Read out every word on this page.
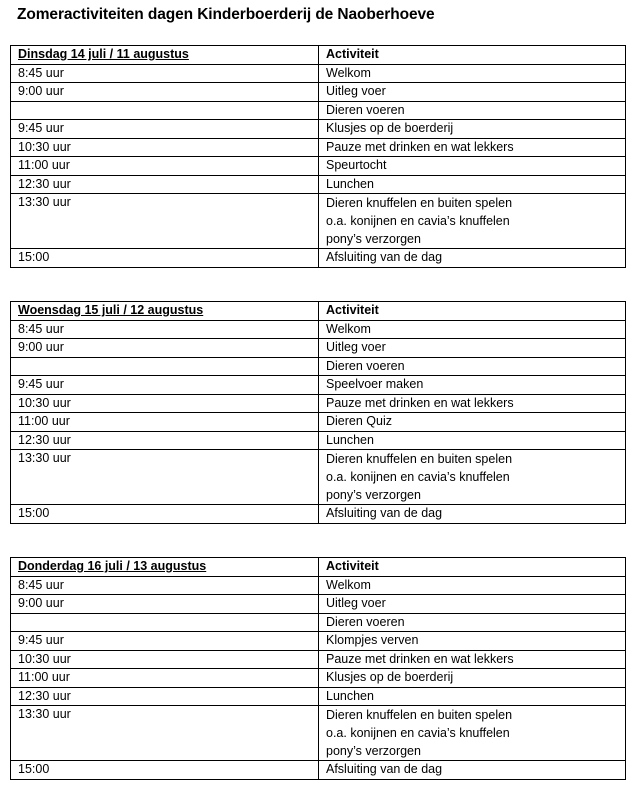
Zomeractiviteiten dagen Kinderboerderij de Naoberhoeve
Dinsdag 14 juli / 11 augustus	Activiteit
8:45 uur	Welkom

9:00 uur	Uitleg voer

	Dieren voeren

9:45 uur	Klusjes op de boerderij

10:30 uur	Pauze met drinken en wat lekkers

11:00 uur	Speurtocht

12:30 uur	Lunchen

13:30 uur	Dieren knuffelen en buiten spelen
o.a. konijnen en cavia’s knuffelen
pony’s verzorgen

15:00	Afsluiting van de dag
Woensdag 15 juli / 12 augustus	Activiteit
8:45 uur	Welkom

9:00 uur	Uitleg voer

	Dieren voeren

9:45 uur	Speelvoer maken

10:30 uur	Pauze met drinken en wat lekkers

11:00 uur	Dieren Quiz

12:30 uur	Lunchen

13:30 uur	Dieren knuffelen en buiten spelen
o.a. konijnen en cavia’s knuffelen
pony’s verzorgen

15:00	Afsluiting van de dag
Donderdag 16 juli / 13 augustus	Activiteit
8:45 uur	Welkom

9:00 uur	Uitleg voer

	Dieren voeren

9:45 uur	Klompjes verven

10:30 uur	Pauze met drinken en wat lekkers

11:00 uur	Klusjes op de boerderij

12:30 uur	Lunchen

13:30 uur	Dieren knuffelen en buiten spelen
o.a. konijnen en cavia’s knuffelen
pony’s verzorgen

15:00	Afsluiting van de dag
